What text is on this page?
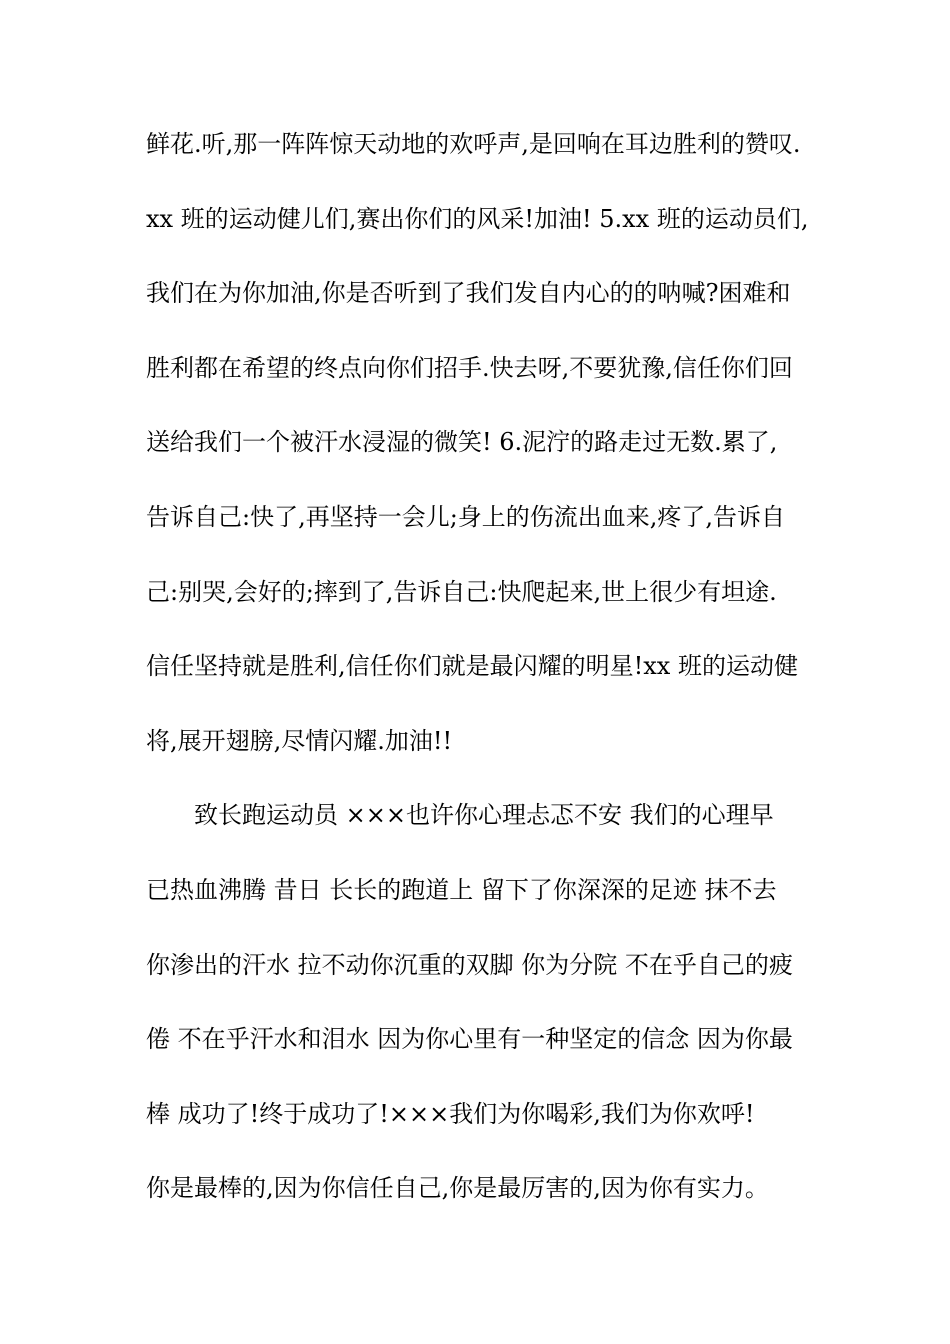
鲜花.听,那一阵阵惊天动地的欢呼声,是回响在耳边胜利的赞叹.
xx 班的运动健儿们,赛出你们的风采!加油! 5.xx 班的运动员们,
我们在为你加油,你是否听到了我们发自内心的的呐喊?困难和
胜利都在希望的终点向你们招手.快去呀,不要犹豫,信任你们回
送给我们一个被汗水浸湿的微笑! 6.泥泞的路走过无数.累了,
告诉自己:快了,再坚持一会儿;身上的伤流出血来,疼了,告诉自
己:别哭,会好的;摔到了,告诉自己:快爬起来,世上很少有坦途.
信任坚持就是胜利,信任你们就是最闪耀的明星!xx 班的运动健
将,展开翅膀,尽情闪耀.加油!!
致长跑运动员 ×××也许你心理忐忑不安 我们的心理早
已热血沸腾 昔日 长长的跑道上 留下了你深深的足迹 抹不去
你渗出的汗水 拉不动你沉重的双脚 你为分院 不在乎自己的疲
倦 不在乎汗水和泪水 因为你心里有一种坚定的信念 因为你最
棒 成功了!终于成功了!×××我们为你喝彩,我们为你欢呼!
你是最棒的,因为你信任自己,你是最厉害的,因为你有实力。
